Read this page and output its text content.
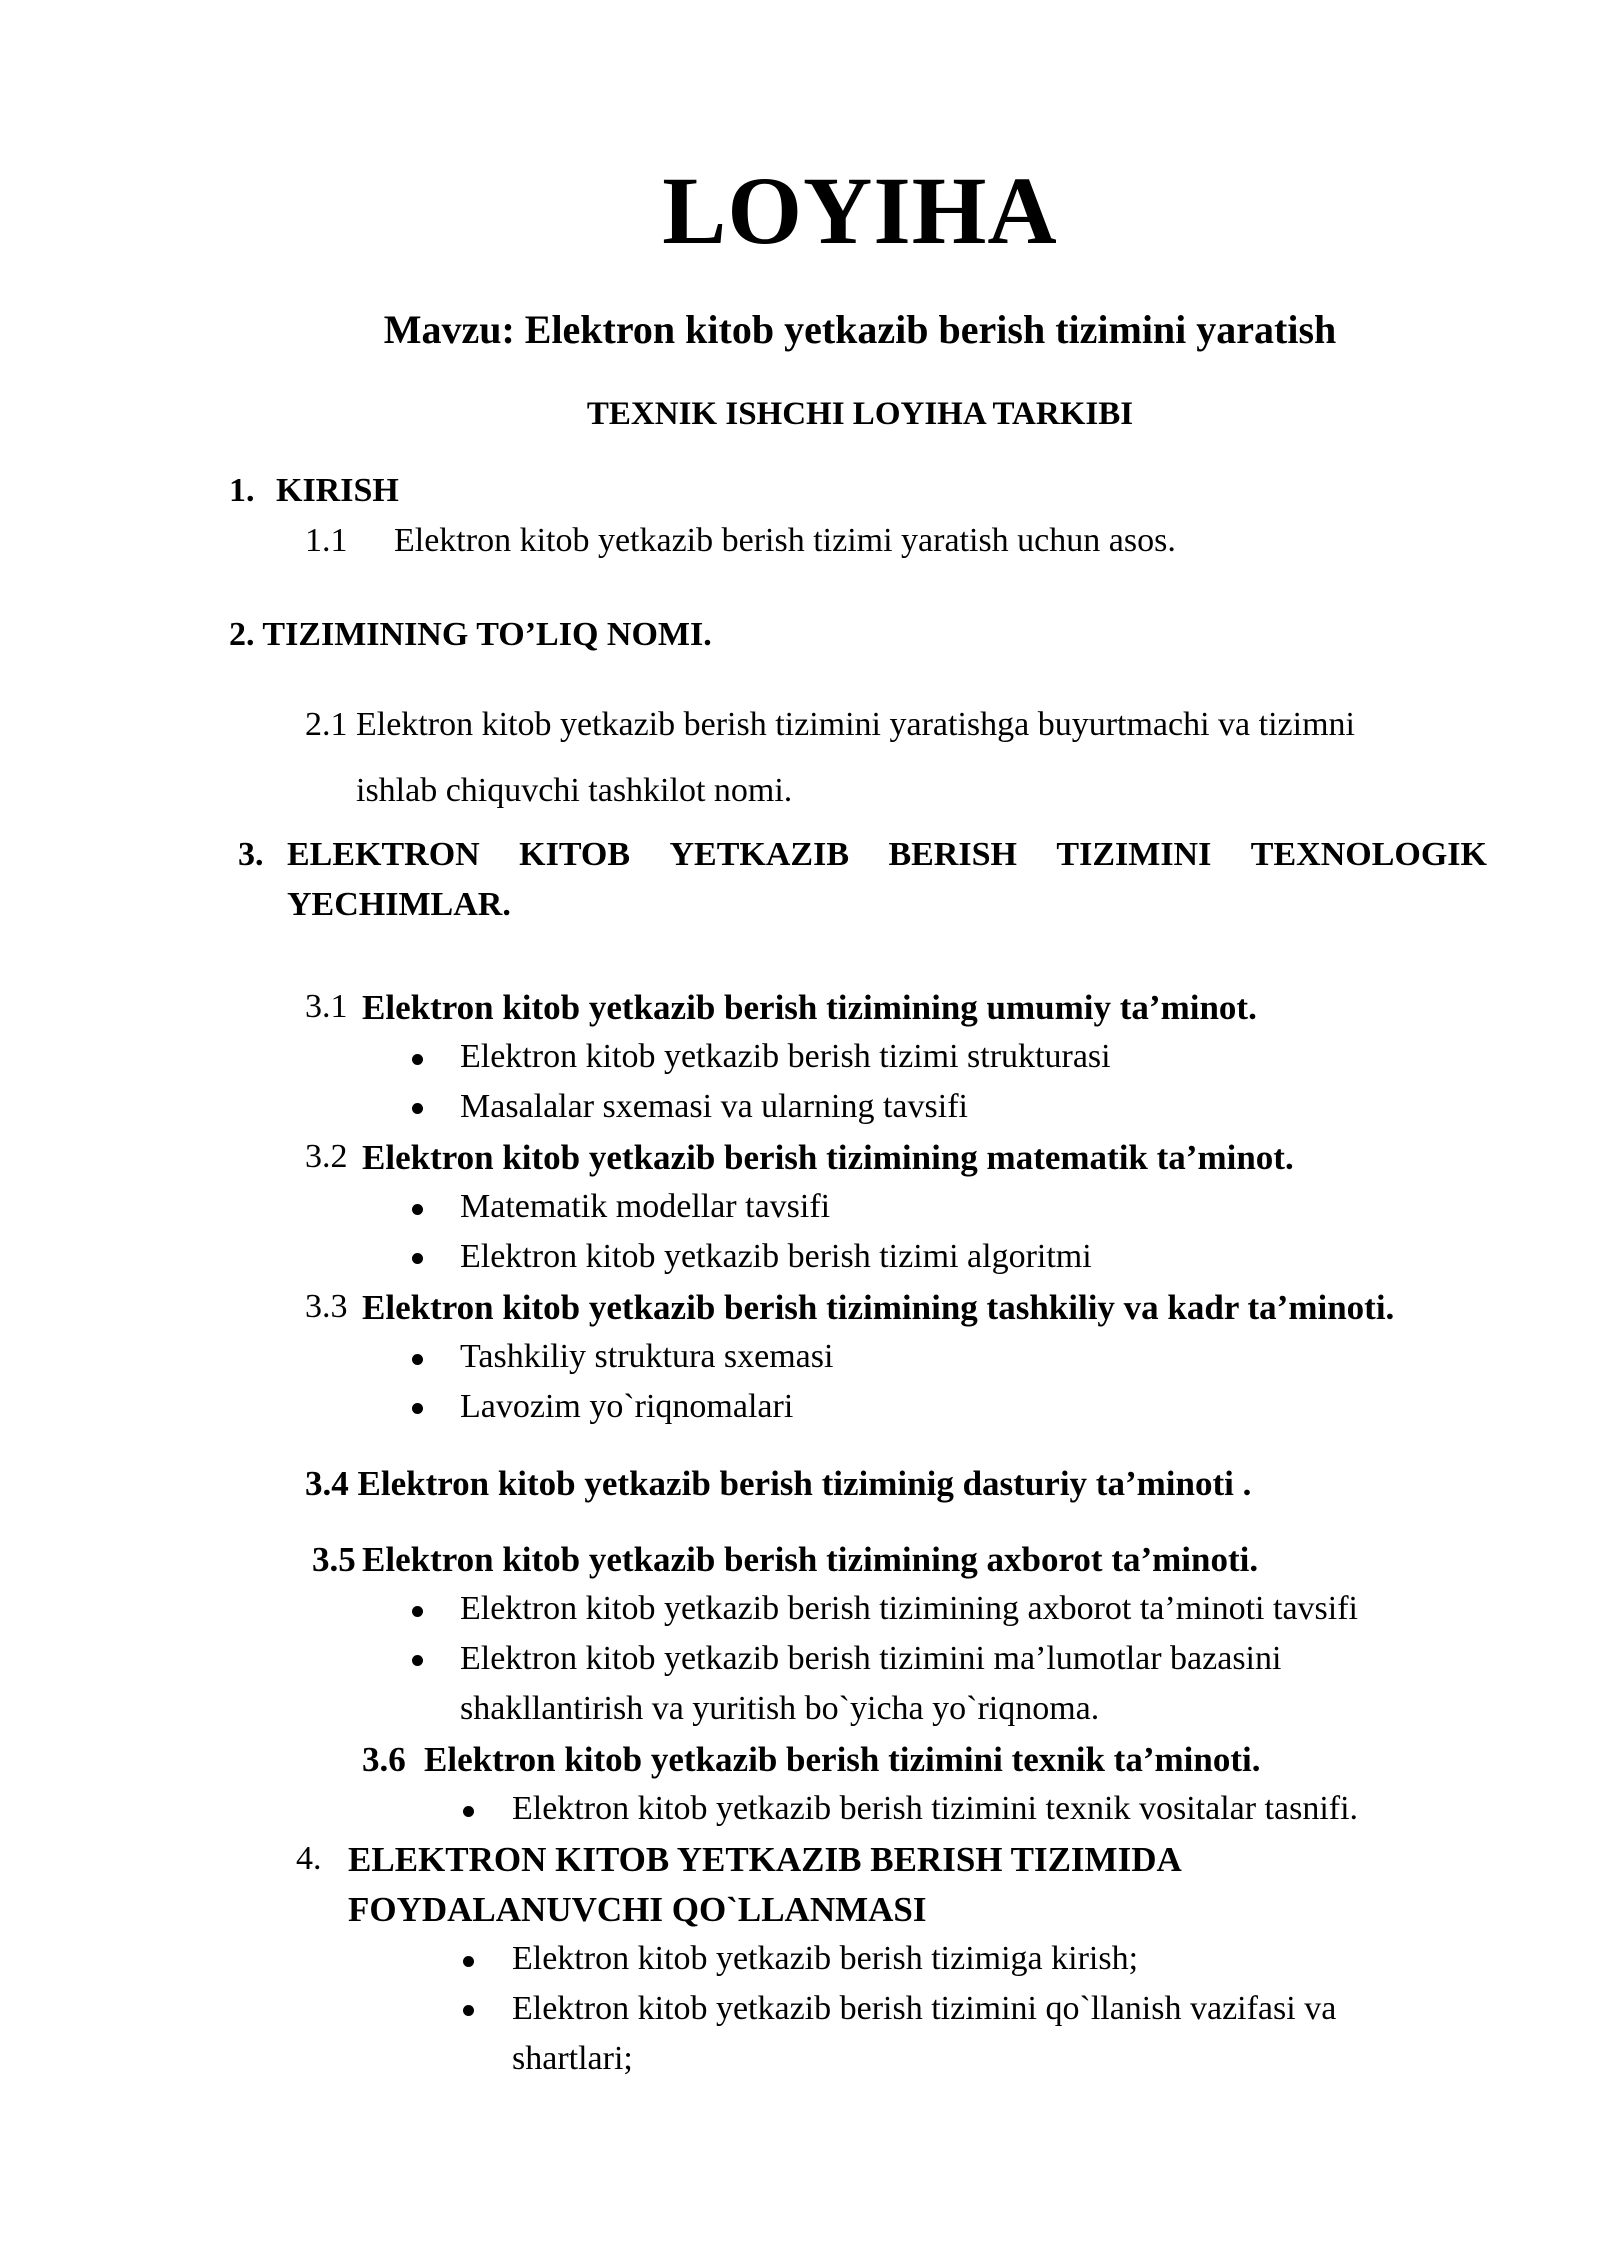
LOYIHA
Mavzu: Elektron kitob yetkazib berish tizimini yaratish
TEXNIK ISHCHI LOYIHA TARKIBI
1. KIRISH
1.1 Elektron kitob yetkazib berish tizimi yaratish uchun asos.
2. TIZIMINING TO’LIQ NOMI.
2.1 Elektron kitob yetkazib berish tizimini yaratishga buyurtmachi va tizimni
ishlab chiquvchi tashkilot nomi.
3. ELEKTRON KITOB YETKAZIB BERISH TIZIMINI TEXNOLOGIK
YECHIMLAR.
3.1 Elektron kitob yetkazib berish tizimining umumiy ta’minot.
Elektron kitob yetkazib berish tizimi strukturasi
Masalalar sxemasi va ularning tavsifi
3.2 Elektron kitob yetkazib berish tizimining matematik ta’minot.
Matematik modellar tavsifi
Elektron kitob yetkazib berish tizimi algoritmi
3.3 Elektron kitob yetkazib berish tizimining tashkiliy va kadr ta’minoti.
Tashkiliy struktura sxemasi
Lavozim yo`riqnomalari
3.4 Elektron kitob yetkazib berish tiziminig dasturiy ta’minoti .
3.5 Elektron kitob yetkazib berish tizimining axborot ta’minoti.
Elektron kitob yetkazib berish tizimining axborot ta’minoti tavsifi
Elektron kitob yetkazib berish tizimini ma’lumotlar bazasini
shakllantirish va yuritish bo`yicha yo`riqnoma.
3.6 Elektron kitob yetkazib berish tizimini texnik ta’minoti.
Elektron kitob yetkazib berish tizimini texnik vositalar tasnifi.
4. ELEKTRON KITOB YETKAZIB BERISH TIZIMIDA
FOYDALANUVCHI QO`LLANMASI
Elektron kitob yetkazib berish tizimiga kirish;
Elektron kitob yetkazib berish tizimini qo`llanish vazifasi va
shartlari;
